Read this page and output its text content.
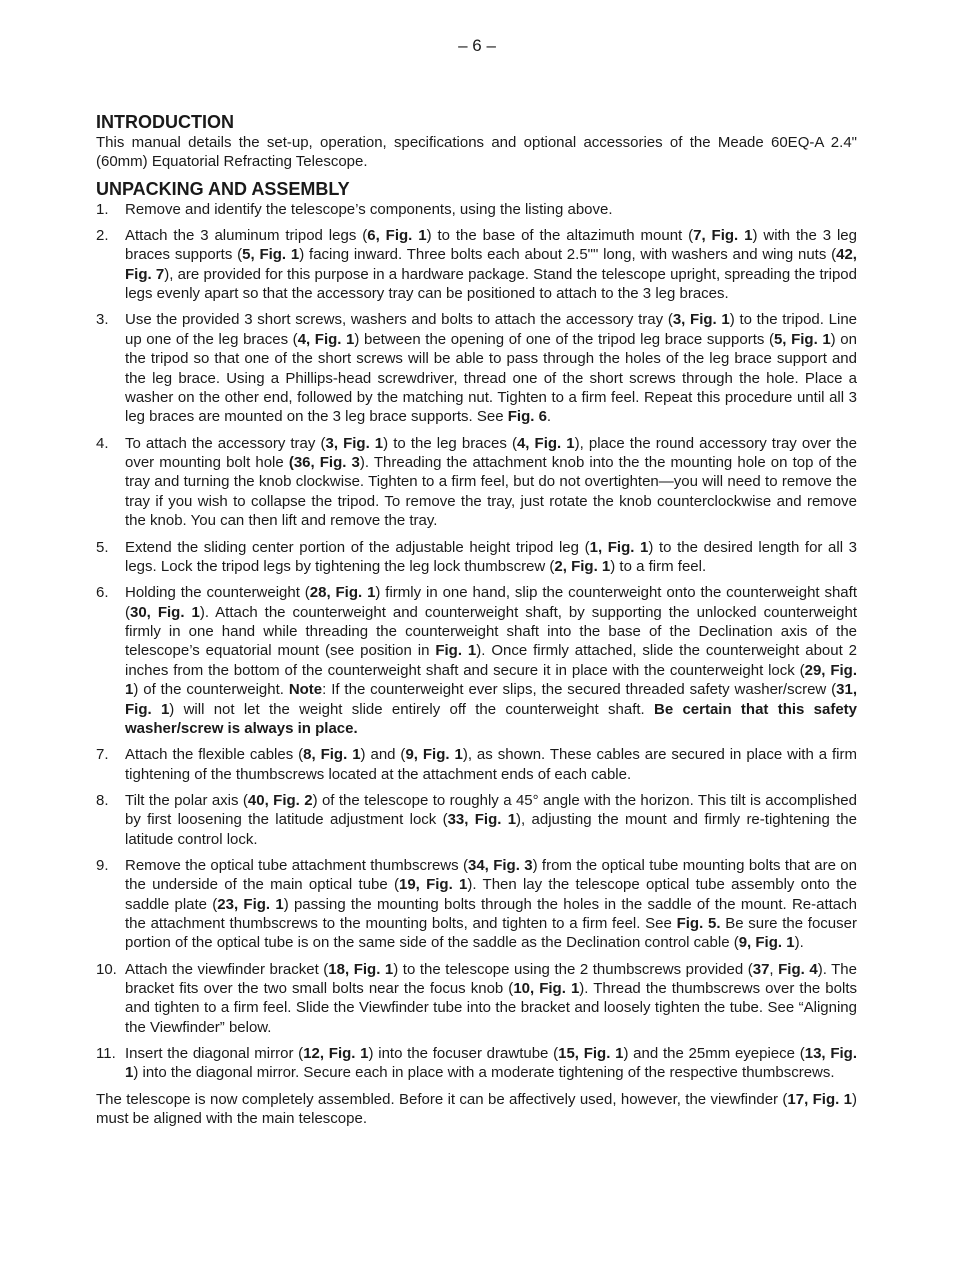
– 6 –
INTRODUCTION

This manual details the set-up, operation, specifications and optional accessories of the Meade 60EQ-A 2.4" (60mm) Equatorial Refracting Telescope.

UNPACKING AND ASSEMBLY
1. Remove and identify the telescope’s components, using the listing above.
2. Attach the 3 aluminum tripod legs (6, Fig. 1) to the base of the altazimuth mount (7, Fig. 1) with the 3 leg braces supports (5, Fig. 1) facing inward. Three bolts each about 2.5"" long, with washers and wing nuts (42, Fig. 7), are provided for this purpose in a hardware package. Stand the telescope upright, spreading the tripod legs evenly apart so that the accessory tray can be positioned to attach to the 3 leg braces.
3. Use the provided 3 short screws, washers and bolts to attach the accessory tray (3, Fig. 1) to the tripod. Line up one of the leg braces (4, Fig. 1) between the opening of one of the tripod leg brace supports (5, Fig. 1) on the tripod so that one of the short screws will be able to pass through the holes of the leg brace support and the leg brace. Using a Phillips-head screwdriver, thread one of the short screws through the hole. Place a washer on the other end, followed by the matching nut. Tighten to a firm feel. Repeat this procedure until all 3 leg braces are mounted on the 3 leg brace supports. See Fig. 6.
4. To attach the accessory tray (3, Fig. 1) to the leg braces (4, Fig. 1), place the round accessory tray over the over mounting bolt hole (36, Fig. 3). Threading the attachment knob into the the mounting hole on top of the tray and turning the knob clockwise. Tighten to a firm feel, but do not overtighten—you will need to remove the tray if you wish to collapse the tripod. To remove the tray, just rotate the knob counterclockwise and remove the knob. You can then lift and remove the tray.
5. Extend the sliding center portion of the adjustable height tripod leg (1, Fig. 1) to the desired length for all 3 legs. Lock the tripod legs by tightening the leg lock thumbscrew (2, Fig. 1) to a firm feel.
6. Holding the counterweight (28, Fig. 1) firmly in one hand, slip the counterweight onto the counterweight shaft (30, Fig. 1). Attach the counterweight and counterweight shaft, by supporting the unlocked counterweight firmly in one hand while threading the counterweight shaft into the base of the Declination axis of the telescope’s equatorial mount (see position in Fig. 1). Once firmly attached, slide the counterweight about 2 inches from the bottom of the counterweight shaft and secure it in place with the counterweight lock (29, Fig. 1) of the counterweight. Note: If the counterweight ever slips, the secured threaded safety washer/screw (31, Fig. 1) will not let the weight slide entirely off the counterweight shaft. Be certain that this safety washer/screw is always in place.
7. Attach the flexible cables (8, Fig. 1) and (9, Fig. 1), as shown. These cables are secured in place with a firm tightening of the thumbscrews located at the attachment ends of each cable.
8. Tilt the polar axis (40, Fig. 2) of the telescope to roughly a 45° angle with the horizon. This tilt is accomplished by first loosening the latitude adjustment lock (33, Fig. 1), adjusting the mount and firmly re-tightening the latitude control lock.
9. Remove the optical tube attachment thumbscrews (34, Fig. 3) from the optical tube mounting bolts that are on the underside of the main optical tube (19, Fig. 1). Then lay the telescope optical tube assembly onto the saddle plate (23, Fig. 1) passing the mounting bolts through the holes in the saddle of the mount. Re-attach the attachment thumbscrews to the mounting bolts, and tighten to a firm feel. See Fig. 5. Be sure the focuser portion of the optical tube is on the same side of the saddle as the Declination control cable (9, Fig. 1).
10. Attach the viewfinder bracket (18, Fig. 1) to the telescope using the 2 thumbscrews provided (37, Fig. 4). The bracket fits over the two small bolts near the focus knob (10, Fig. 1). Thread the thumbscrews over the bolts and tighten to a firm feel. Slide the Viewfinder tube into the bracket and loosely tighten the tube. See “Aligning the Viewfinder” below.
11. Insert the diagonal mirror (12, Fig. 1) into the focuser drawtube (15, Fig. 1) and the 25mm eyepiece (13, Fig. 1) into the diagonal mirror. Secure each in place with a moderate tightening of the respective thumbscrews.

The telescope is now completely assembled. Before it can be affectively used, however, the viewfinder (17, Fig. 1) must be aligned with the main telescope.
